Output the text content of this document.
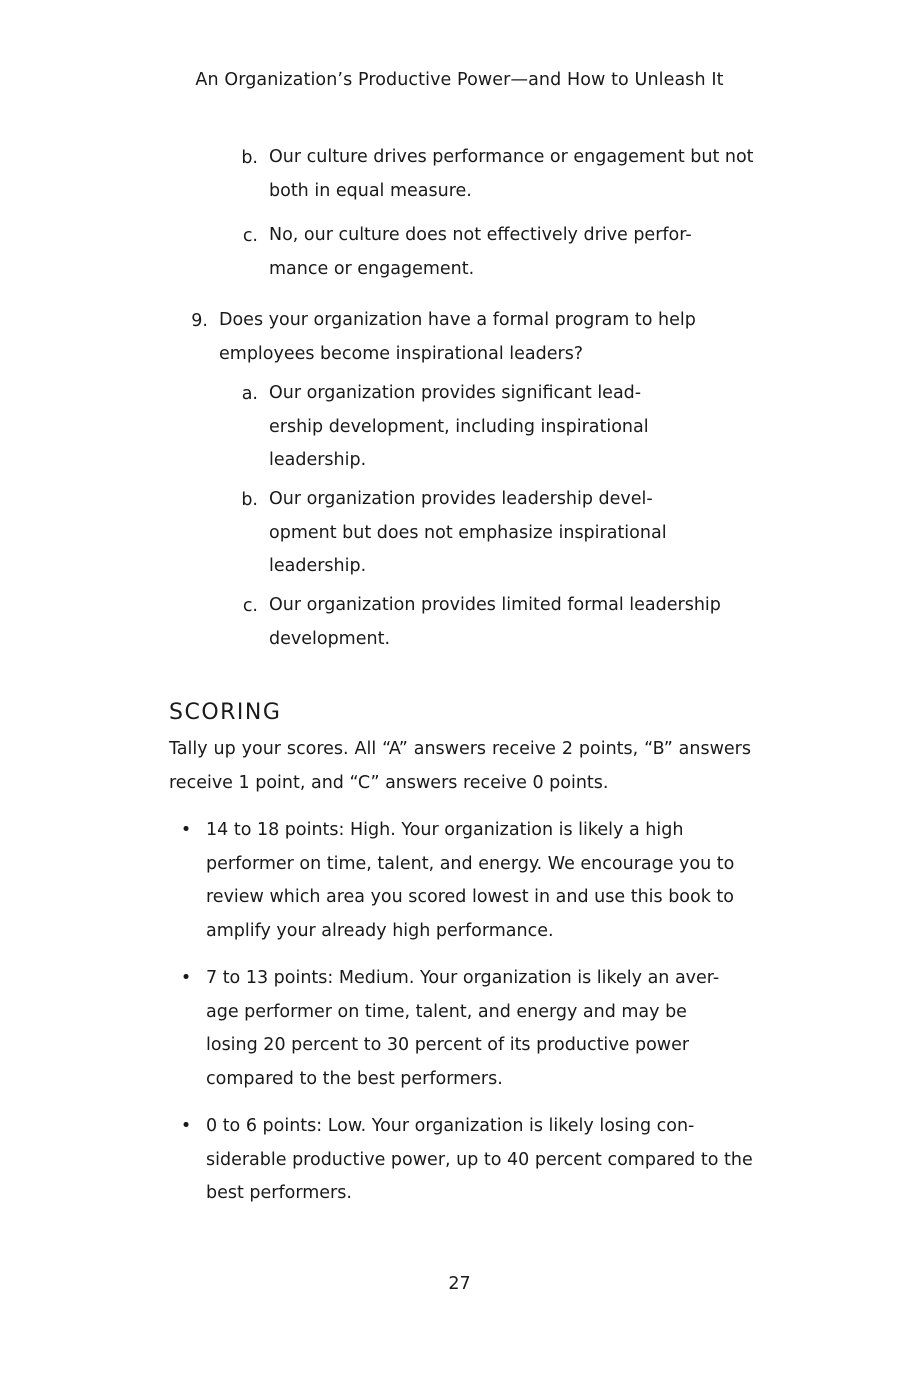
An Organization’s Productive Power—and How to Unleash It
b. Our culture drives performance or engagement but not both in equal measure.
c. No, our culture does not effectively drive perfor-mance or engagement.
9. Does your organization have a formal program to help employees become inspirational leaders?
a. Our organization provides significant lead-ership development, including inspirational leadership.
b. Our organization provides leadership devel-opment but does not emphasize inspirational leadership.
c. Our organization provides limited formal leadership development.
SCORING
Tally up your scores. All “A” answers receive 2 points, “B” answers receive 1 point, and “C” answers receive 0 points.
• 14 to 18 points: High. Your organization is likely a high performer on time, talent, and energy. We encourage you to review which area you scored lowest in and use this book to amplify your already high performance.
• 7 to 13 points: Medium. Your organization is likely an aver-age performer on time, talent, and energy and may be losing 20 percent to 30 percent of its productive power compared to the best performers.
• 0 to 6 points: Low. Your organization is likely losing con-siderable productive power, up to 40 percent compared to the best performers.
27
